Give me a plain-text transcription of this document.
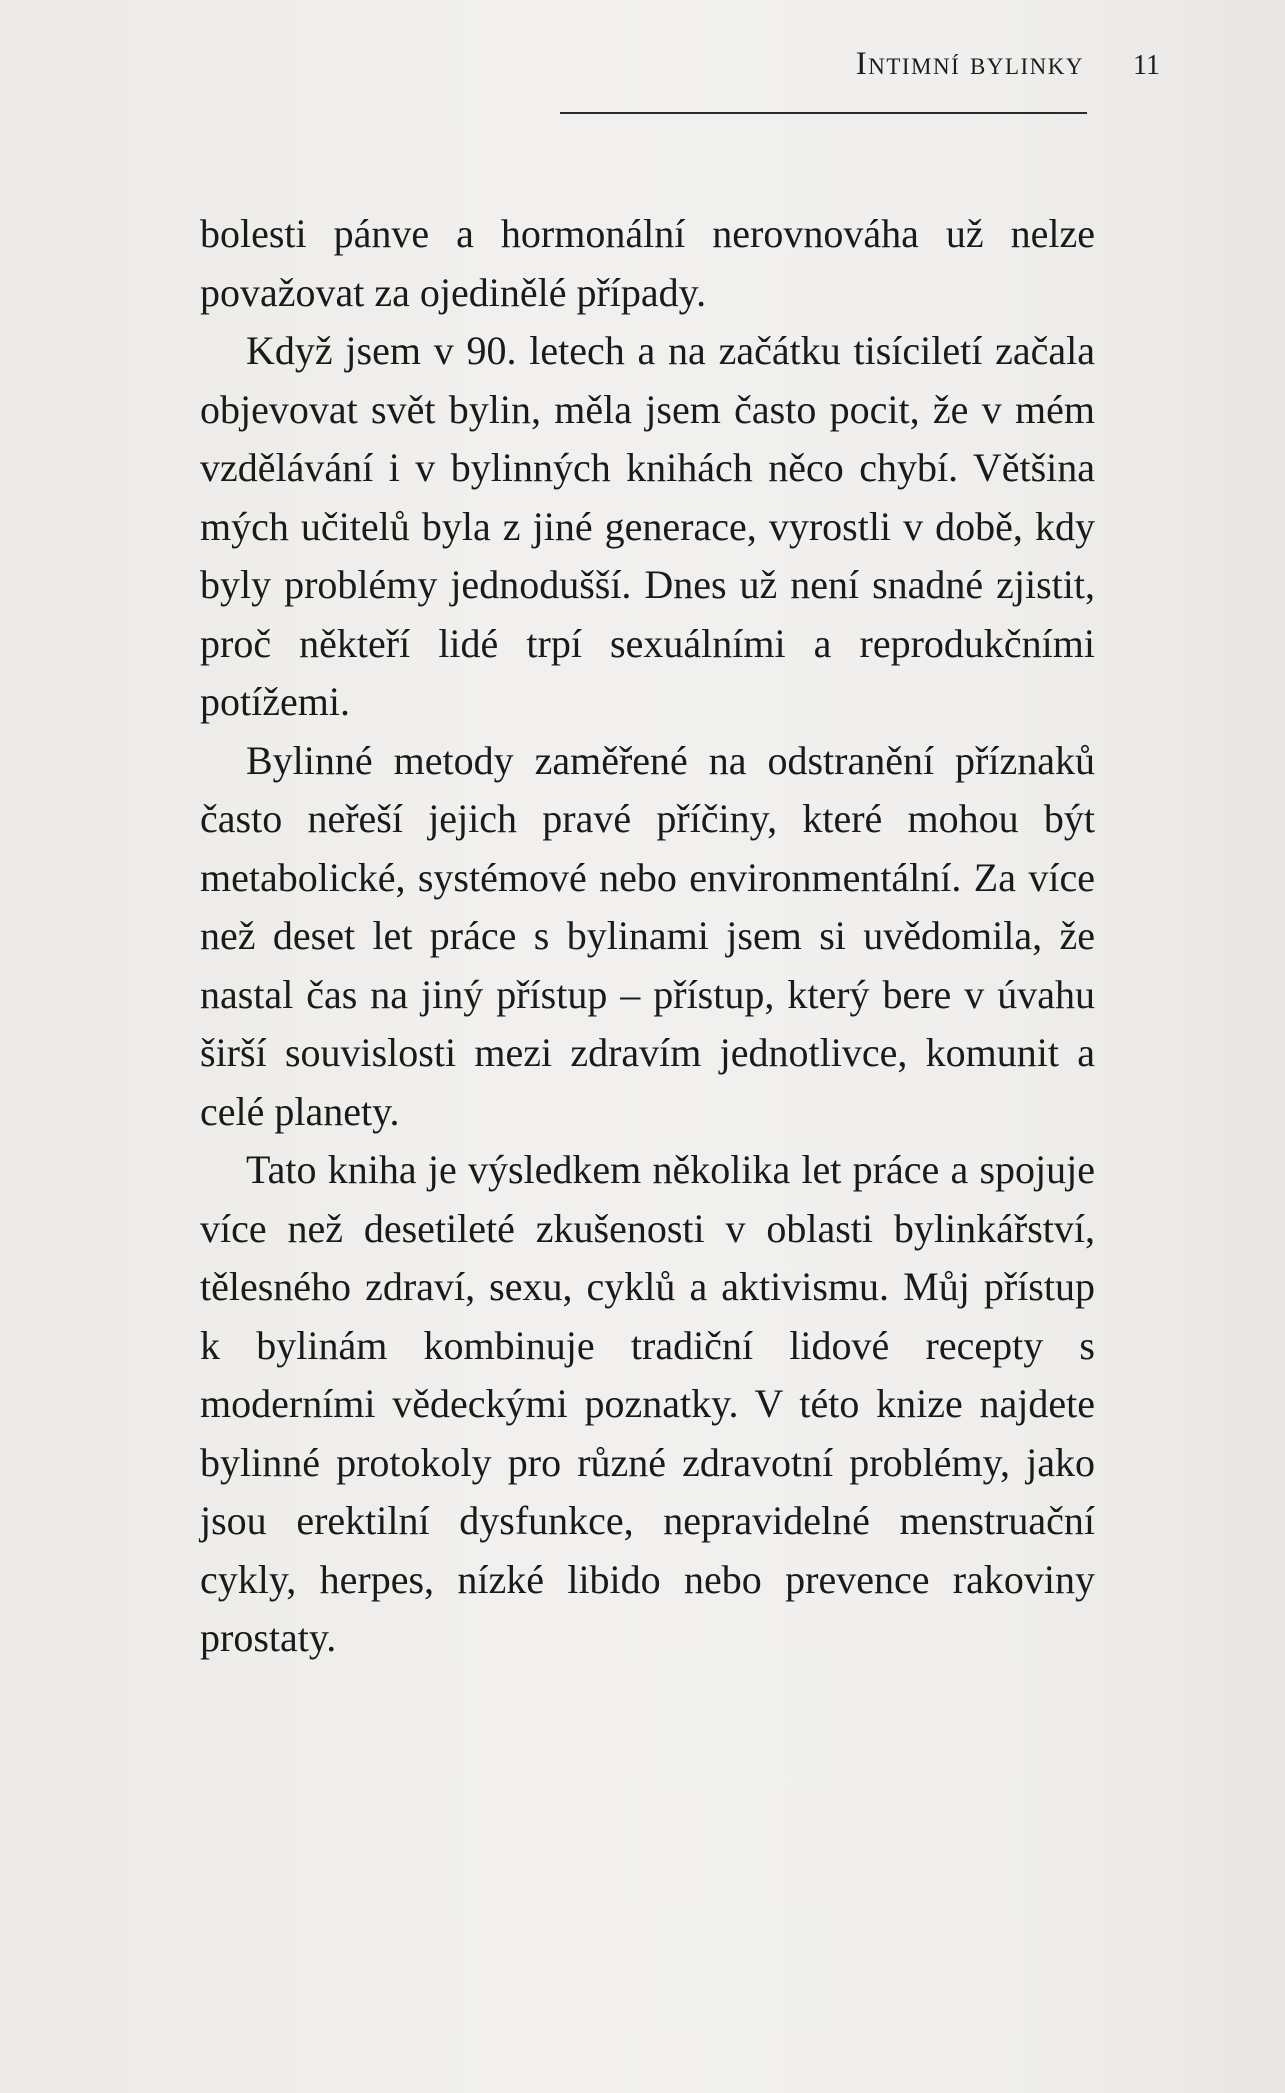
Intimní bylinky 11

bolesti pánve a hormonální nerovnováha už nelze považovat za ojedinělé případy.

Když jsem v 90. letech a na začátku tisíciletí začala objevovat svět bylin, měla jsem často pocit, že v mém vzdělávání i v bylinných knihách něco chybí. Většina mých učitelů byla z jiné generace, vyrostli v době, kdy byly problémy jednodušší. Dnes už není snadné zjistit, proč někteří lidé trpí sexuálními a reprodukčními potížemi.

Bylinné metody zaměřené na odstranění příznaků často neřeší jejich pravé příčiny, které mohou být metabolické, systémové nebo environmentální. Za více než deset let práce s bylinami jsem si uvědomila, že nastal čas na jiný přístup – přístup, který bere v úvahu širší souvislosti mezi zdravím jednotlivce, komunit a celé planety.

Tato kniha je výsledkem několika let práce a spojuje více než desetileté zkušenosti v oblasti bylinkářství, tělesného zdraví, sexu, cyklů a aktivismu. Můj přístup k bylinám kombinuje tradiční lidové recepty s moderními vědeckými poznatky. V této knize najdete bylinné protokoly pro různé zdravotní problémy, jako jsou erektilní dysfunkce, nepravidelné menstruační cykly, herpes, nízké libido nebo prevence rakoviny prostaty.
